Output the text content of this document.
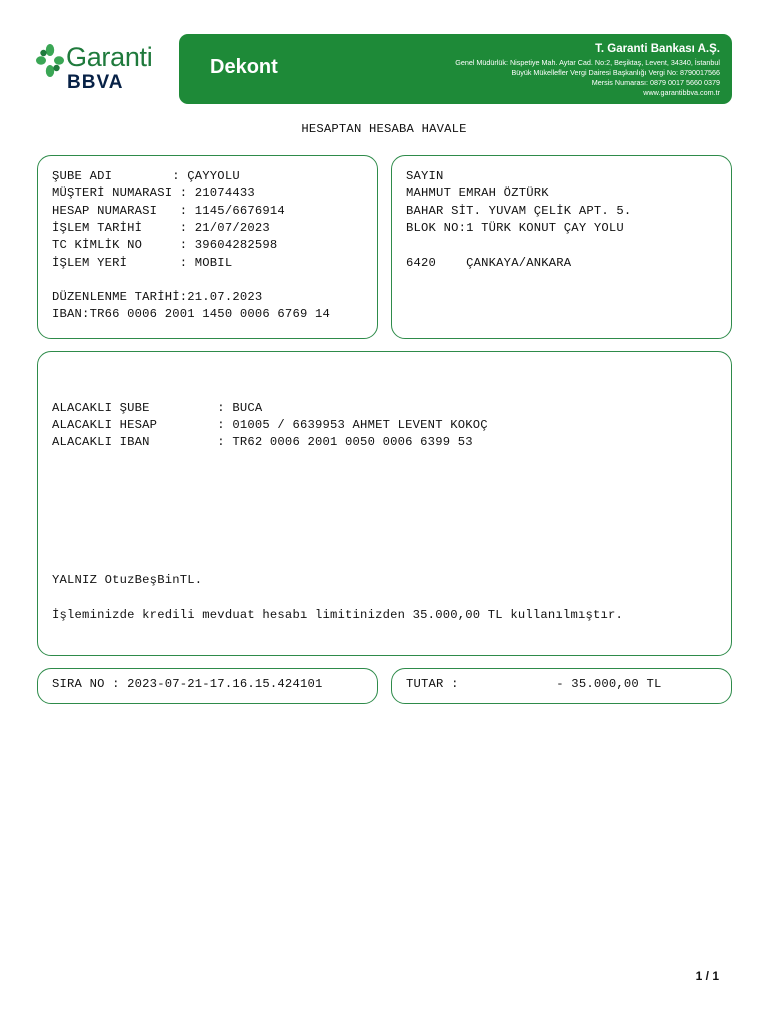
Garanti
BBVA
Dekont
T. Garanti Bankası A.Ş.
Genel Müdürlük: Nispetiye Mah. Aytar Cad. No:2, Beşiktaş, Levent, 34340, İstanbul
Büyük Mükellefler Vergi Dairesi Başkanlığı Vergi No: 8790017566
Mersis Numarası: 0879 0017 5660 0379
www.garantibbva.com.tr
HESAPTAN HESABA HAVALE
ŞUBE ADI        : ÇAYYOLU
MÜŞTERİ NUMARASI : 21074433
HESAP NUMARASI   : 1145/6676914
İŞLEM TARİHİ     : 21/07/2023
TC KİMLİK NO     : 39604282598
İŞLEM YERİ       : MOBIL
DÜZENLENME TARİHİ:21.07.2023
IBAN:TR66 0006 2001 1450 0006 6769 14
SAYIN
MAHMUT EMRAH ÖZTÜRK
BAHAR SİT. YUVAM ÇELİK APT. 5.
BLOK NO:1 TÜRK KONUT ÇAY YOLU
6420    ÇANKAYA/ANKARA
ALACAKLI ŞUBE         : BUCA
ALACAKLI HESAP        : 01005 / 6639953 AHMET LEVENT KOKOÇ
ALACAKLI IBAN         : TR62 0006 2001 0050 0006 6399 53
YALNIZ OtuzBeşBinTL.
İşleminizde kredili mevduat hesabı limitinizden 35.000,00 TL kullanılmıştır.
SIRA NO : 2023-07-21-17.16.15.424101	TUTAR :             - 35.000,00 TL
1 / 1
